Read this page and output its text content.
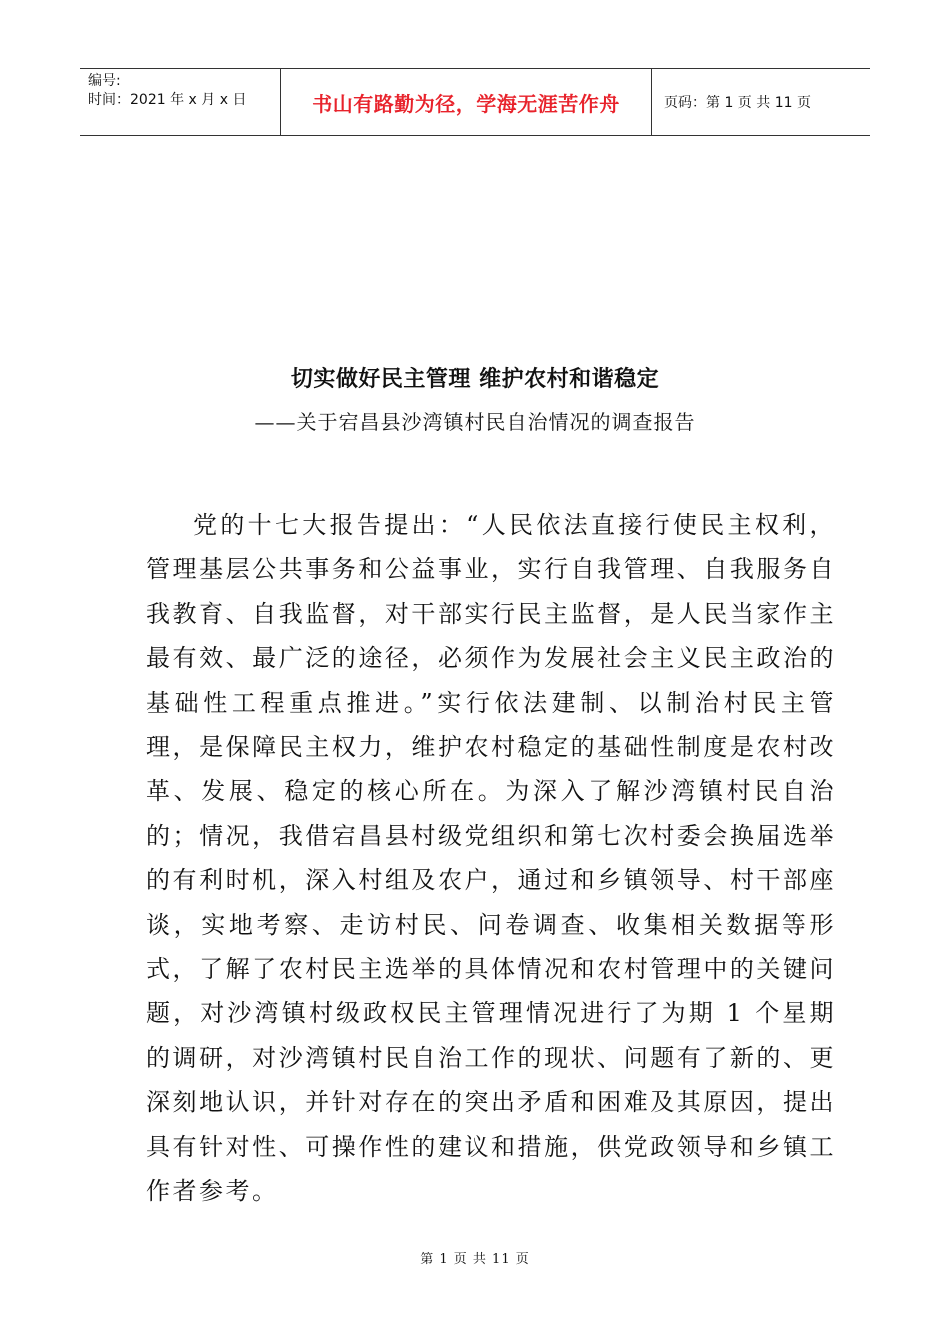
编号:
时间：2021 年 x 月 x 日	书山有路勤为径，学海无涯苦作舟	页码：第 1 页 共 11 页
切实做好民主管理 维护农村和谐稳定
——关于宕昌县沙湾镇村民自治情况的调查报告

党的十七大报告提出：“人民依法直接行使民主权利，管理基层公共事务和公益事业，实行自我管理、自我服务自我教育、自我监督，对干部实行民主监督，是人民当家作主最有效、最广泛的途径，必须作为发展社会主义民主政治的基础性工程重点推进。”实行依法建制、以制治村民主管理，是保障民主权力，维护农村稳定的基础性制度是农村改革、发展、稳定的核心所在。为深入了解沙湾镇村民自治的；情况，我借宕昌县村级党组织和第七次村委会换届选举的有利时机，深入村组及农户，通过和乡镇领导、村干部座谈，实地考察、走访村民、问卷调查、收集相关数据等形式，了解了农村民主选举的具体情况和农村管理中的关键问题，对沙湾镇村级政权民主管理情况进行了为期 1 个星期的调研，对沙湾镇村民自治工作的现状、问题有了新的、更深刻地认识，并针对存在的突出矛盾和困难及其原因，提出具有针对性、可操作性的建议和措施，供党政领导和乡镇工作者参考。

第 1 页 共 11 页
